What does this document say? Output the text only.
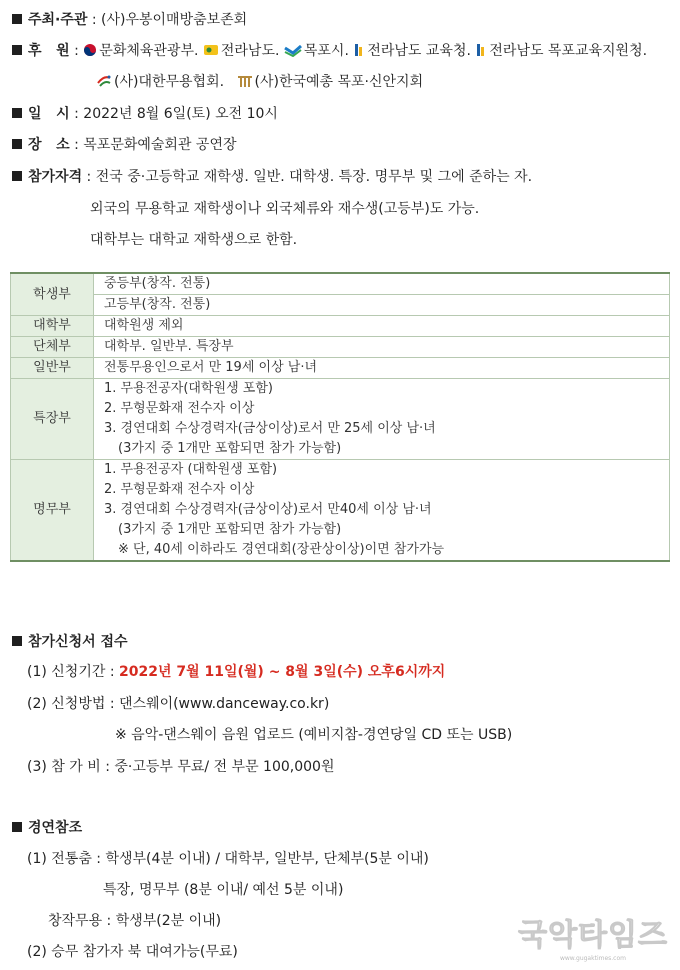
주최·주관 : (사)우봉이매방춤보존회
후   원 : 문화체육관광부. 전라남도. 목포시. 전라남도 교육청. 전라남도 목포교육지원청.
(사)대한무용협회. (사)한국예총 목포·신안지회
일   시 : 2022년 8월 6일(토) 오전 10시
장   소 : 목포문화예술회관 공연장
참가자격 : 전국 중·고등학교 재학생. 일반. 대학생. 특장. 명무부 및 그에 준하는 자.
외국의 무용학교 재학생이나 외국체류와 재수생(고등부)도 가능.
대학부는 대학교 재학생으로 한함.
학생부	중등부(창작. 전통)
	고등부(창작. 전통)
대학부	대학원생 제외
단체부	대학부. 일반부. 특장부
일반부	전통무용인으로서 만 19세 이상 남·녀
특장부	1. 무용전공자(대학원생 포함)
2. 무형문화재 전수자 이상
3. 경연대회 수상경력자(금상이상)로서 만 25세 이상 남·녀
(3가지 중 1개만 포함되면 참가 가능함)

명무부	1. 무용전공자 (대학원생 포함)
2. 무형문화재 전수자 이상
3. 경연대회 수상경력자(금상이상)로서 만40세 이상 남·녀
(3가지 중 1개만 포함되면 참가 가능함)
※ 단, 40세 이하라도 경연대회(장관상이상)이면 참가가능
참가신청서 접수
(1) 신청기간 : 2022년 7월 11일(월) ~ 8월 3일(수) 오후6시까지
(2) 신청방법 : 댄스웨이(www.danceway.co.kr)
※ 음악-댄스웨이 음원 업로드 (예비지참-경연당일 CD 또는 USB)
(3) 참 가 비 : 중·고등부 무료/ 전 부문 100,000원
경연참조
(1) 전통춤 : 학생부(4분 이내) / 대학부, 일반부, 단체부(5분 이내)
특장, 명무부 (8분 이내/ 예선 5분 이내)
창작무용 : 학생부(2분 이내)
(2) 승무 참가자 북 대여가능(무료)	국악타임즈
www.gugaktimes.com
